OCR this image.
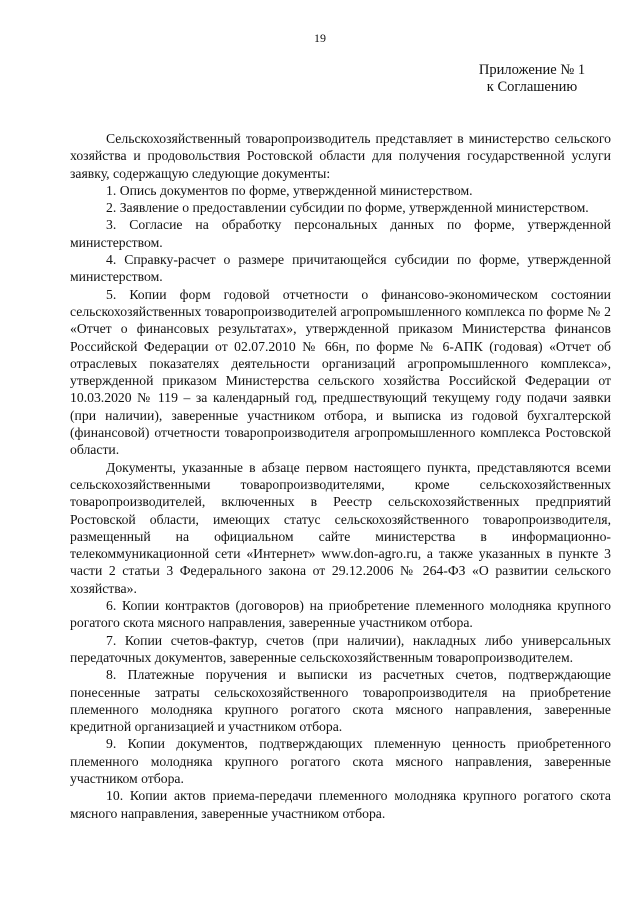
19
Приложение № 1
к Соглашению

Сельскохозяйственный товаропроизводитель представляет в министерство сельского хозяйства и продовольствия Ростовской области для получения государственной услуги заявку, содержащую следующие документы:

1. Опись документов по форме, утвержденной министерством.

2. Заявление о предоставлении субсидии по форме, утвержденной министерством.

3. Согласие на обработку персональных данных по форме, утвержденной министерством.

4. Справку-расчет о размере причитающейся субсидии по форме, утвержденной министерством.

5. Копии форм годовой отчетности о финансово-экономическом состоянии сельскохозяйственных товаропроизводителей агропромышленного комплекса по форме № 2 «Отчет о финансовых результатах», утвержденной приказом Министерства финансов Российской Федерации от 02.07.2010 № 66н, по форме № 6-АПК (годовая) «Отчет об отраслевых показателях деятельности организаций агропромышленного комплекса», утвержденной приказом Министерства сельского хозяйства Российской Федерации от 10.03.2020 № 119 – за календарный год, предшествующий текущему году подачи заявки (при наличии), заверенные участником отбора, и выписка из годовой бухгалтерской (финансовой) отчетности товаропроизводителя агропромышленного комплекса Ростовской области.

Документы, указанные в абзаце первом настоящего пункта, представляются всеми сельскохозяйственными товаропроизводителями, кроме сельскохозяйственных товаропроизводителей, включенных в Реестр сельскохозяйственных предприятий Ростовской области, имеющих статус сельскохозяйственного товаропроизводителя, размещенный на официальном сайте министерства в информационно-телекоммуникационной сети «Интернет» www.don-agro.ru, а также указанных в пункте 3 части 2 статьи 3 Федерального закона от 29.12.2006 № 264-ФЗ «О развитии сельского хозяйства».

6. Копии контрактов (договоров) на приобретение племенного молодняка крупного рогатого скота мясного направления, заверенные участником отбора.

7. Копии счетов-фактур, счетов (при наличии), накладных либо универсальных передаточных документов, заверенные сельскохозяйственным товаропроизводителем.

8. Платежные поручения и выписки из расчетных счетов, подтверждающие понесенные затраты сельскохозяйственного товаропроизводителя на приобретение племенного молодняка крупного рогатого скота мясного направления, заверенные кредитной организацией и участником отбора.

9. Копии документов, подтверждающих племенную ценность приобретенного племенного молодняка крупного рогатого скота мясного направления, заверенные участником отбора.

10. Копии актов приема-передачи племенного молодняка крупного рогатого скота мясного направления, заверенные участником отбора.
